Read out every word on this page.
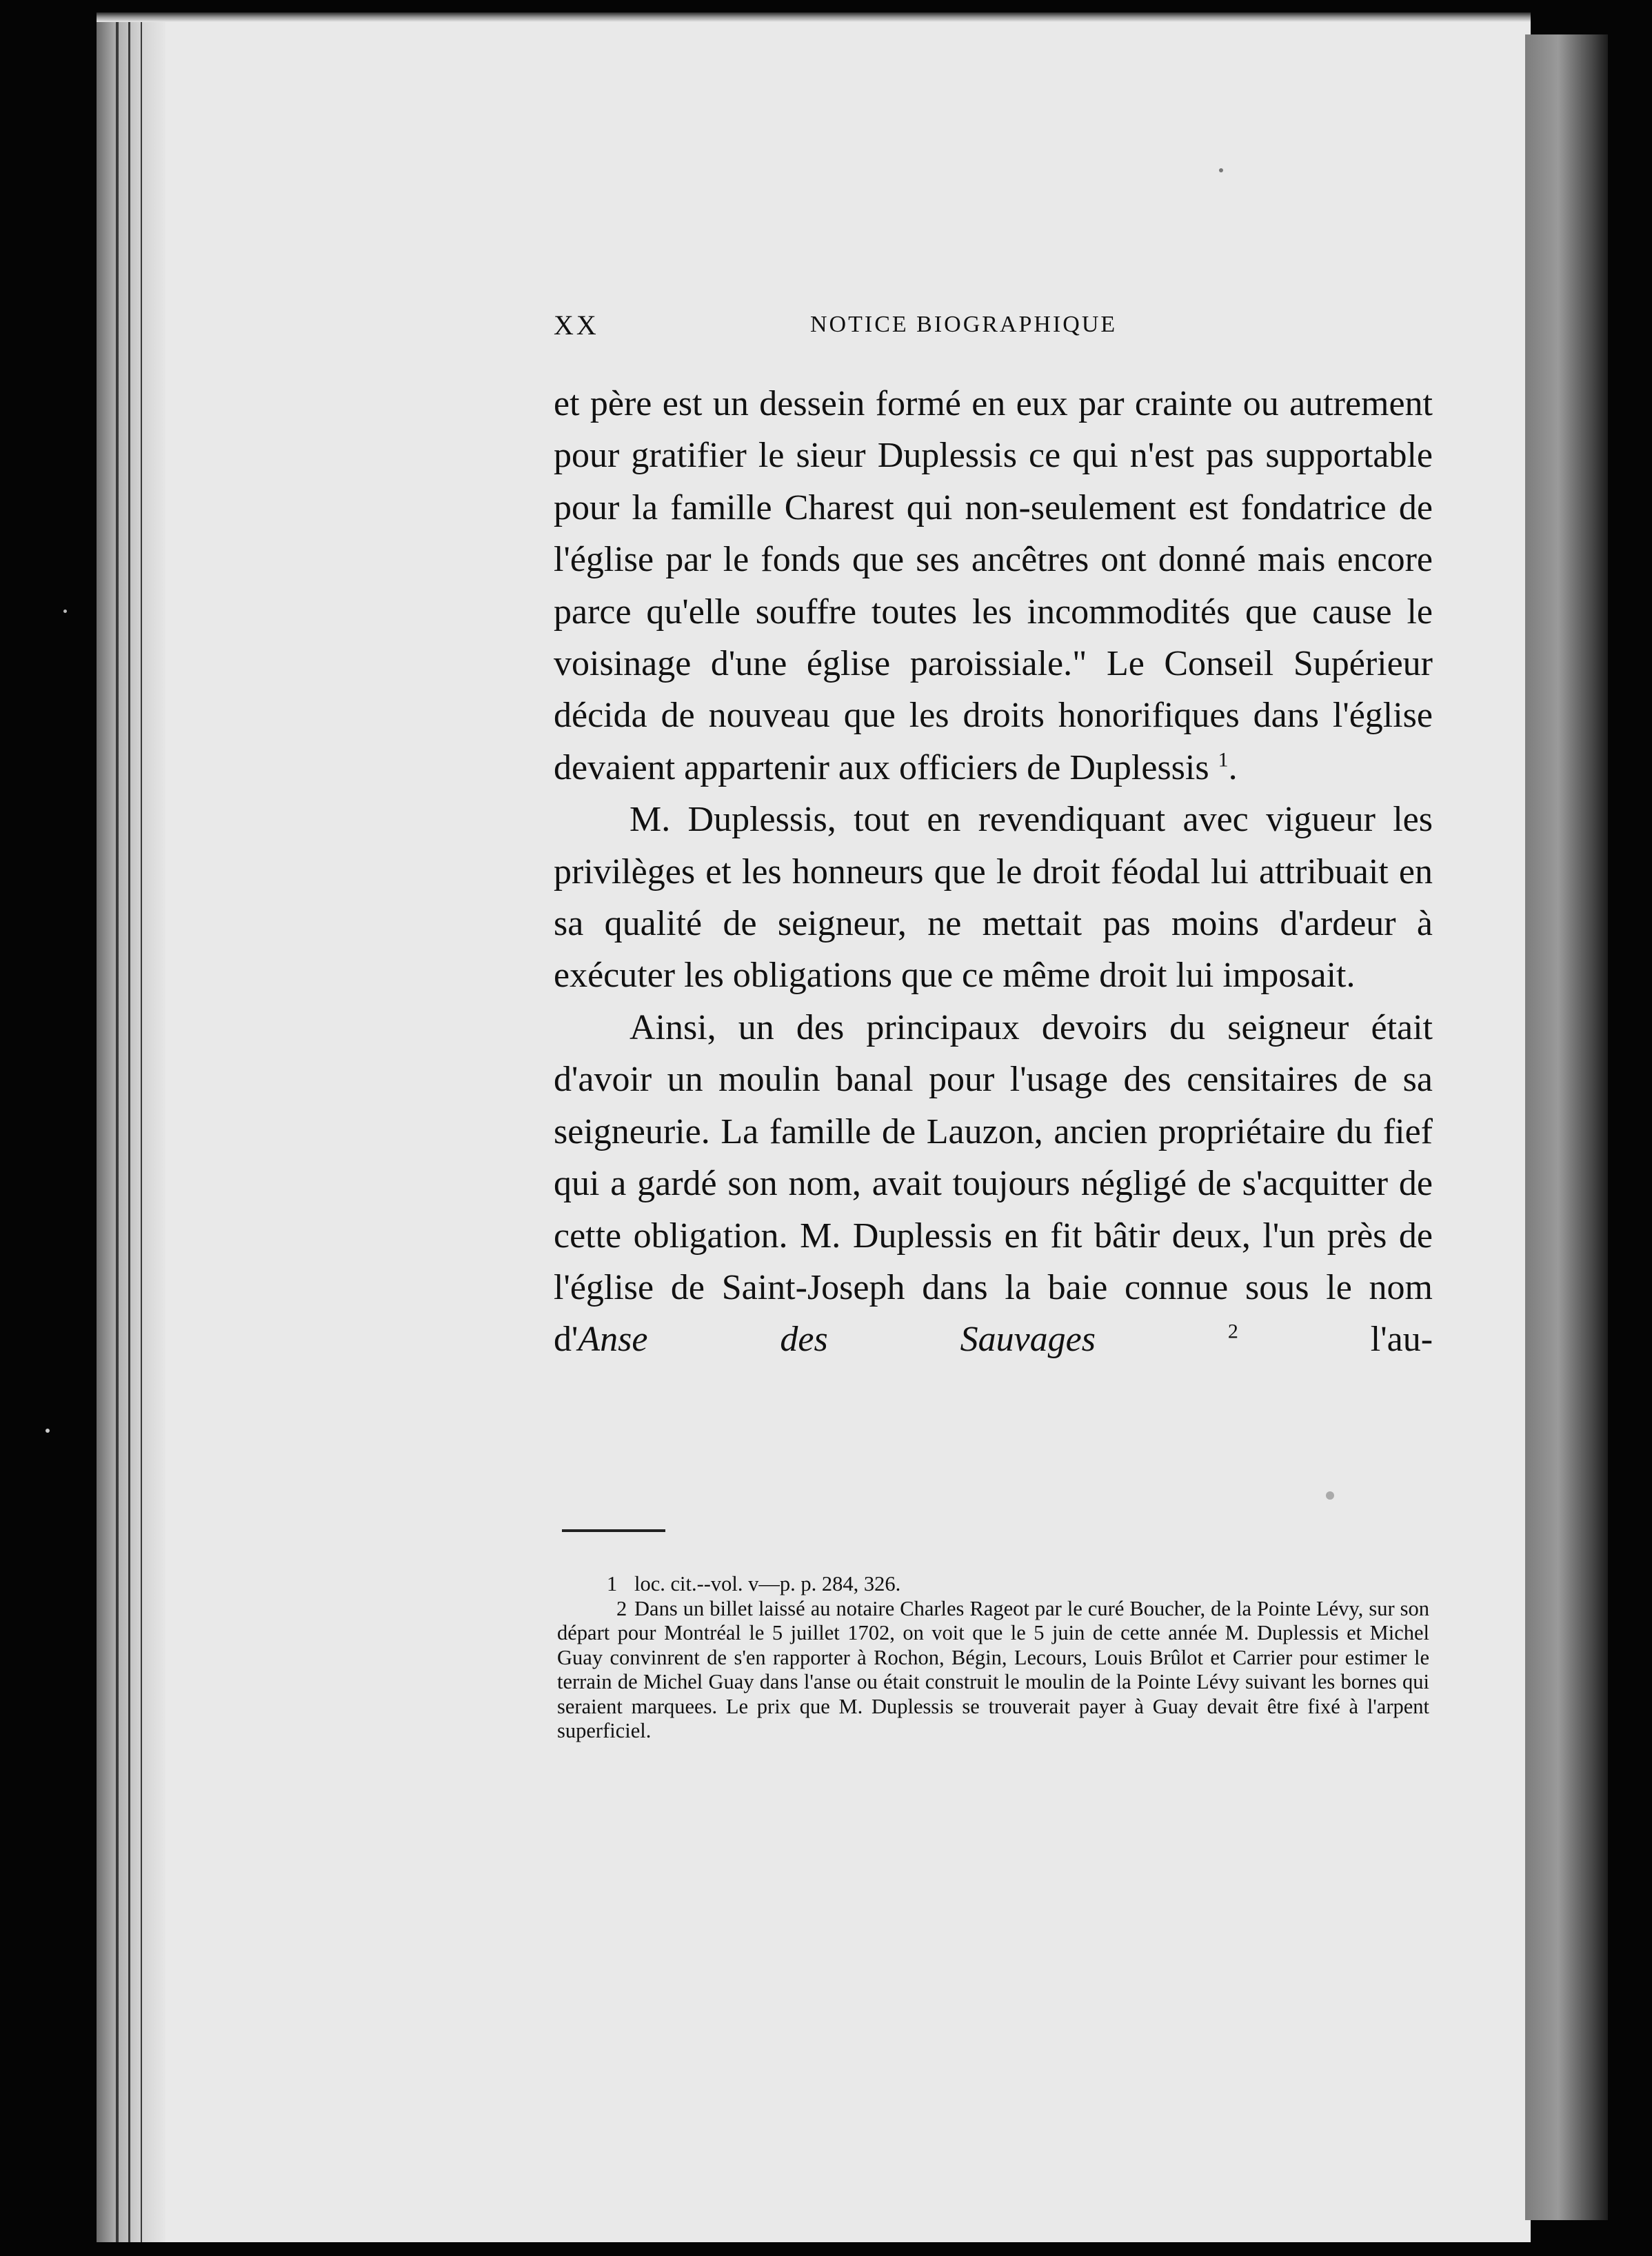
XX	NOTICE BIOGRAPHIQUE

et père est un dessein formé en eux par crainte ou autrement pour gratifier le sieur Duplessis ce qui n'est pas supportable pour la famille Charest qui non-seulement est fondatrice de l'église par le fonds que ses ancêtres ont donné mais encore parce qu'elle souffre toutes les incommodités que cause le voisinage d'une église paroissiale." Le Conseil Supérieur décida de nouveau que les droits honorifiques dans l'église devaient appartenir aux officiers de Duplessis $^1$.

M. Duplessis, tout en revendiquant avec vigueur les privilèges et les honneurs que le droit féodal lui attribuait en sa qualité de seigneur, ne mettait pas moins d'ardeur à exécuter les obligations que ce même droit lui imposait.

Ainsi, un des principaux devoirs du seigneur était d'avoir un moulin banal pour l'usage des censitaires de sa seigneurie. La famille de Lauzon, ancien propriétaire du fief qui a gardé son nom, avait toujours négligé de s'acquitter de cette obligation. M. Duplessis en fit bâtir deux, l'un près de l'église de Saint-Joseph dans la baie connue sous le nom d'Anse des Sauvages	$^2$ l'au-

1 loc. cit.--vol. v—p. p. 284, 326.

2 Dans un billet laissé au notaire Charles Rageot par le curé Boucher, de la Pointe Lévy, sur son départ pour Montréal le 5 juillet 1702, on voit que le 5 juin de cette année M. Duplessis et Michel Guay convinrent de s'en rapporter à Rochon, Bégin, Lecours, Louis Brûlot et Carrier pour estimer le terrain de Michel Guay dans l'anse ou était construit le moulin de la Pointe Lévy suivant les bornes qui seraient marquees. Le prix que M. Duplessis se trouverait payer à Guay devait être fixé à l'arpent superficiel.
